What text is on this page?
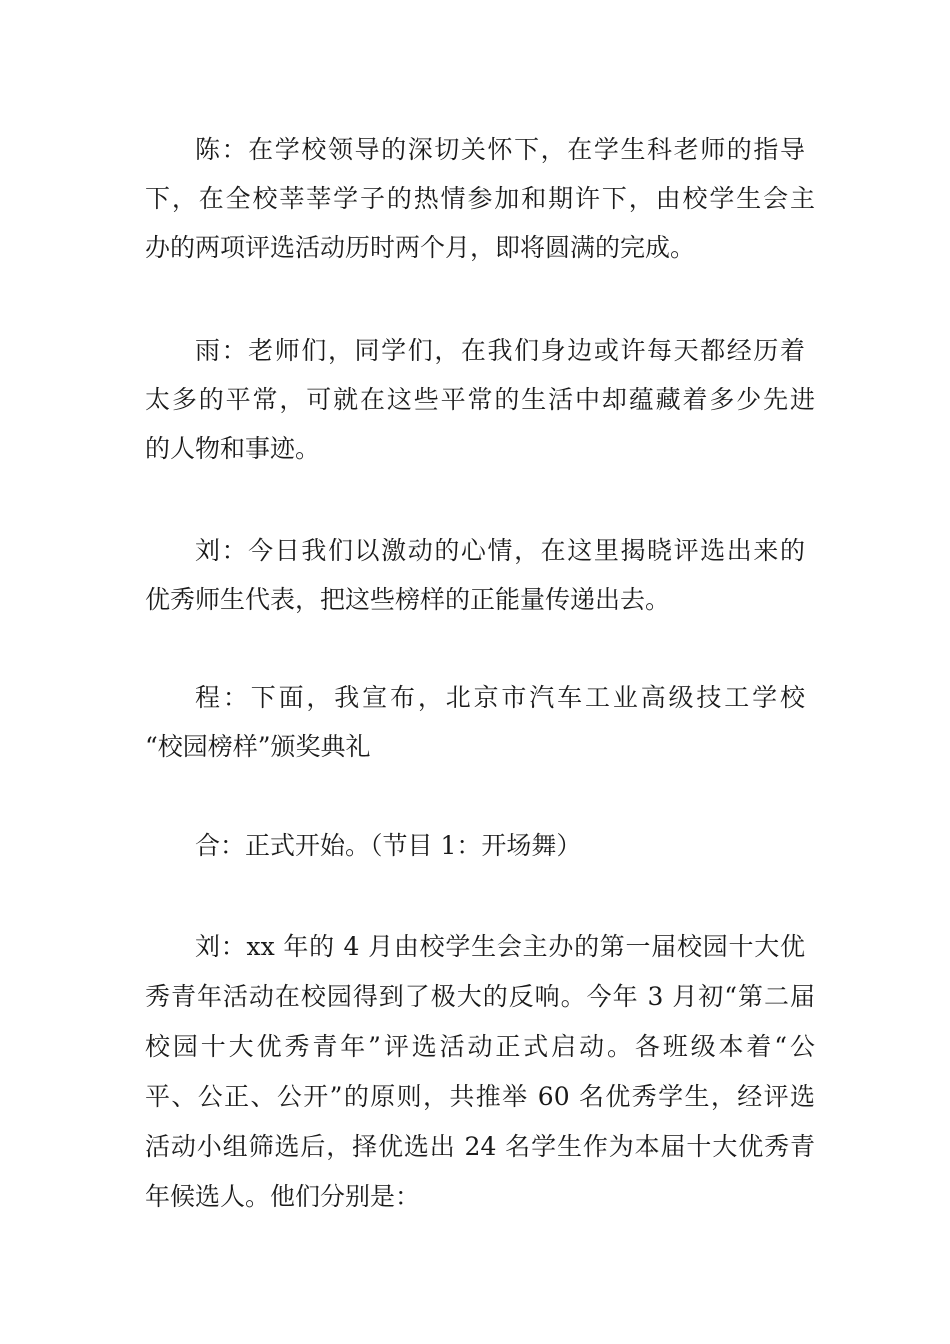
陈：在学校领导的深切关怀下，在学生科老师的指导
下，在全校莘莘学子的热情参加和期许下，由校学生会主
办的两项评选活动历时两个月，即将圆满的完成。
雨：老师们，同学们，在我们身边或许每天都经历着
太多的平常，可就在这些平常的生活中却蕴藏着多少先进
的人物和事迹。
刘：今日我们以激动的心情，在这里揭晓评选出来的
优秀师生代表，把这些榜样的正能量传递出去。
程：下面，我宣布，北京市汽车工业高级技工学校
“校园榜样”颁奖典礼
合：正式开始。（节目 1：开场舞）
刘：xx 年的 4 月由校学生会主办的第一届校园十大优
秀青年活动在校园得到了极大的反响。今年 3 月初“第二届
校园十大优秀青年”评选活动正式启动。各班级本着“公
平、公正、公开”的原则，共推举 60 名优秀学生，经评选
活动小组筛选后，择优选出 24 名学生作为本届十大优秀青
年候选人。他们分别是：
